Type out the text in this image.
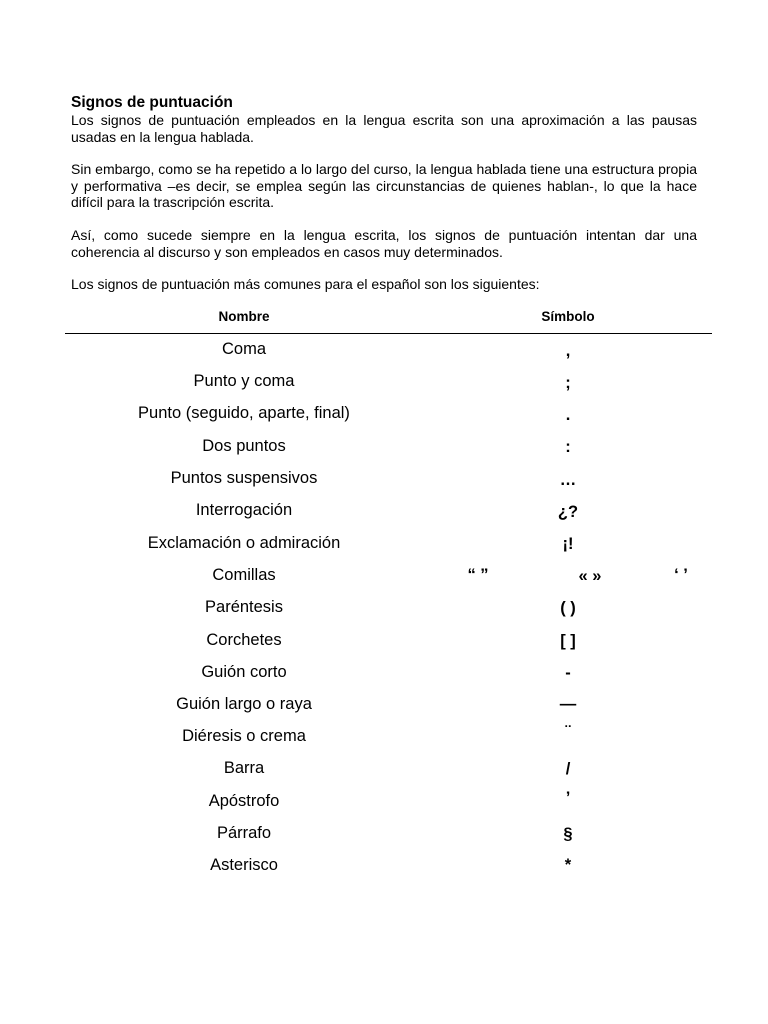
Signos de puntuación

Los signos de puntuación empleados en la lengua escrita son una aproximación a las pausas usadas en la lengua hablada.

Sin embargo, como se ha repetido a lo largo del curso, la lengua hablada tiene una estructura propia y performativa –es decir, se emplea según las circunstancias de quienes hablan-, lo que la hace difícil para la trascripción escrita.

Así, como sucede siempre en la lengua escrita, los signos de puntuación intentan dar una coherencia al discurso y son empleados en casos muy determinados.

Los signos de puntuación más comunes para el español son los siguientes:

Nombre	Símbolo
Coma	,
Punto y coma	;
Punto (seguido, aparte, final)	.
Dos puntos	:
Puntos suspensivos	…
Interrogación	¿?
Exclamación o admiración	¡!
Comillas	“ ”	« »	‘ ’
Paréntesis	( )
Corchetes	[ ]
Guión corto	-
Guión largo o raya	—
Diéresis o crema	¨
Barra	/
Apóstrofo	’
Párrafo	§
Asterisco	*
